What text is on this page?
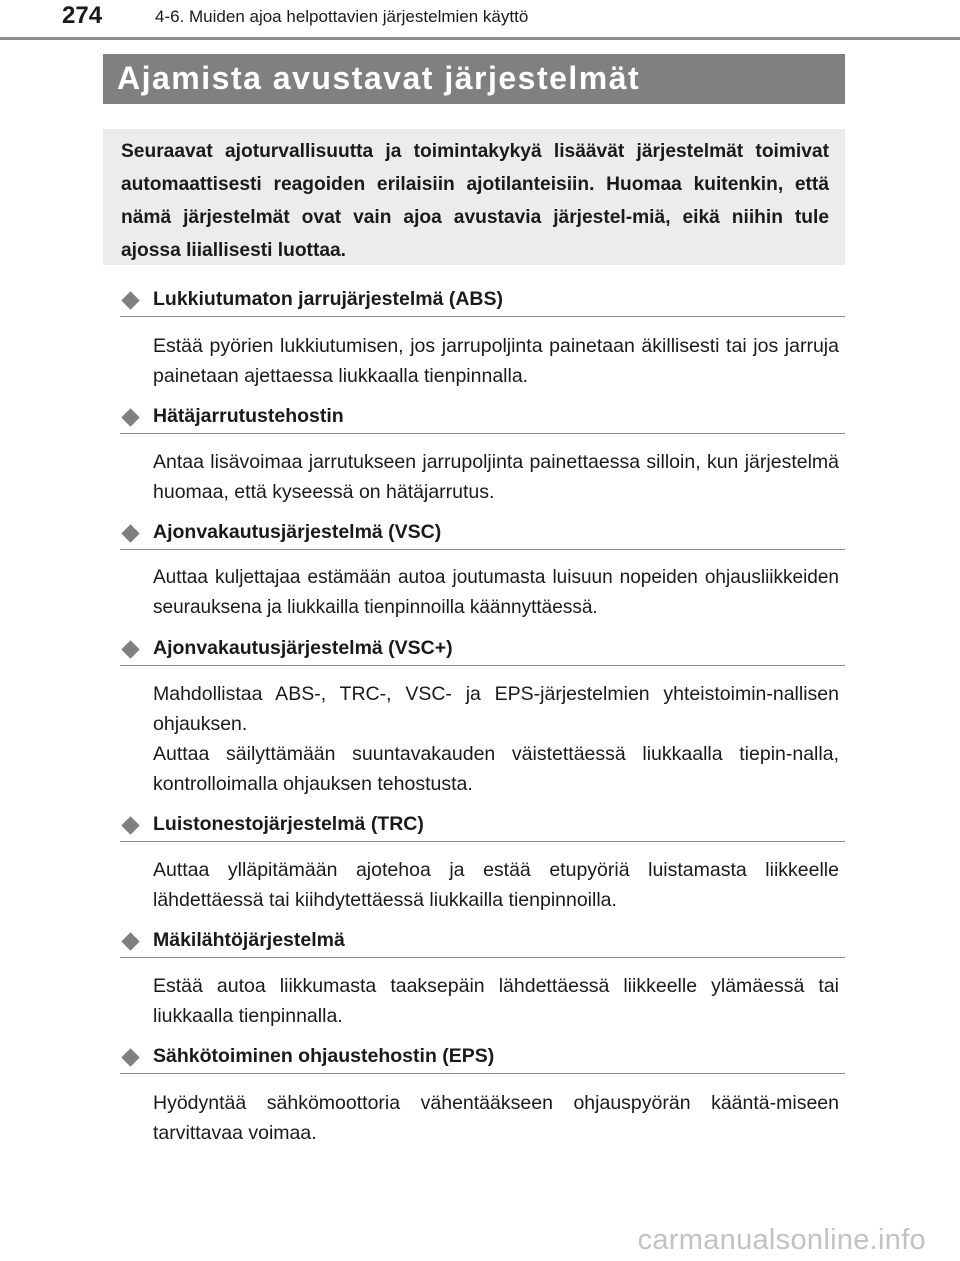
274	4-6. Muiden ajoa helpottavien järjestelmien käyttö
Ajamista avustavat järjestelmät
Seuraavat ajoturvallisuutta ja toimintakykyä lisäävät järjestelmät toimivat automaattisesti reagoiden erilaisiin ajotilanteisiin. Huomaa kuitenkin, että nämä järjestelmät ovat vain ajoa avustavia järjestel-miä, eikä niihin tule ajossa liiallisesti luottaa.
Lukkiutumaton jarrujärjestelmä (ABS)

Estää pyörien lukkiutumisen, jos jarrupoljinta painetaan äkillisesti tai jos jarruja painetaan ajettaessa liukkaalla tienpinnalla.

Hätäjarrutustehostin

Antaa lisävoimaa jarrutukseen jarrupoljinta painettaessa silloin, kun järjestelmä huomaa, että kyseessä on hätäjarrutus.

Ajonvakautusjärjestelmä (VSC)

Auttaa kuljettajaa estämään autoa joutumasta luisuun nopeiden ohjausliikkeiden seurauksena ja liukkailla tienpinnoilla käännyttäessä.

Ajonvakautusjärjestelmä (VSC+)

Mahdollistaa ABS-, TRC-, VSC- ja EPS-järjestelmien yhteistoimin-nallisen ohjauksen.

Auttaa säilyttämään suuntavakauden väistettäessä liukkaalla tiepin-nalla, kontrolloimalla ohjauksen tehostusta.

Luistonestojärjestelmä (TRC)

Auttaa ylläpitämään ajotehoa ja estää etupyöriä luistamasta liikkeelle lähdettäessä tai kiihdytettäessä liukkailla tienpinnoilla.

Mäkilähtöjärjestelmä

Estää autoa liikkumasta taaksepäin lähdettäessä liikkeelle ylämäessä tai liukkaalla tienpinnalla.

Sähkötoiminen ohjaustehostin (EPS)

Hyödyntää sähkömoottoria vähentääkseen ohjauspyörän kääntä-miseen tarvittavaa voimaa.

carmanualsonline.info
